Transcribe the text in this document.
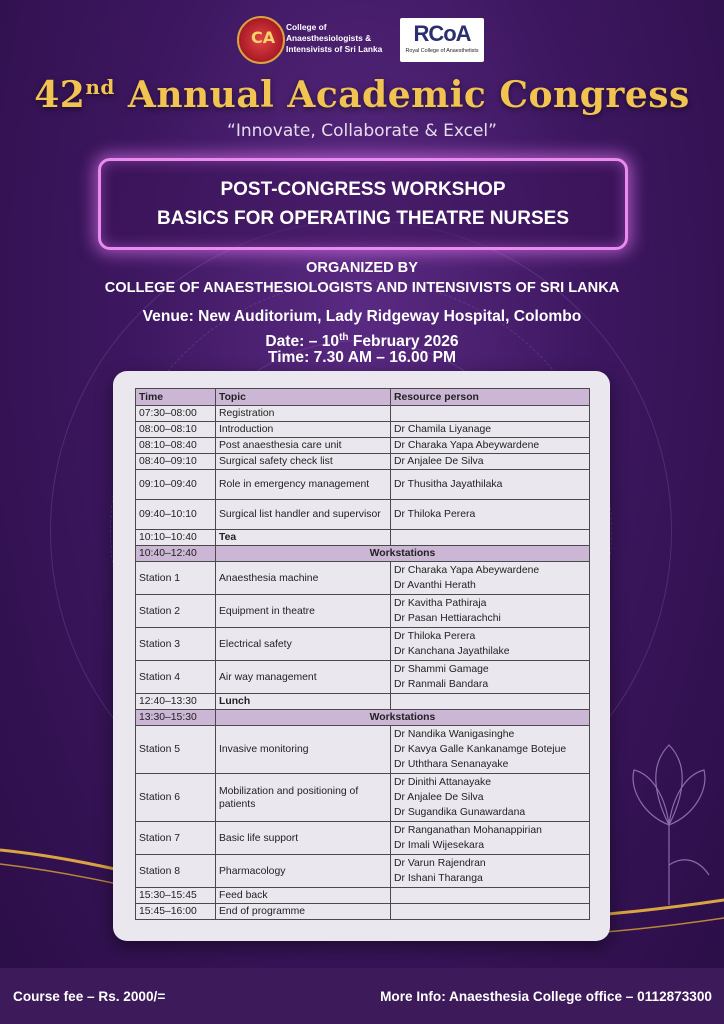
CA
College of
Anaesthesiologists &
Intensivists of Sri Lanka
RCoA
Royal College of Anaesthetists
42nd Annual Academic Congress
“Innovate, Collaborate & Excel”
POST-CONGRESS WORKSHOP
BASICS FOR OPERATING THEATRE NURSES
ORGANIZED BY
COLLEGE OF ANAESTHESIOLOGISTS AND INTENSIVISTS OF SRI LANKA
Venue: New Auditorium, Lady Ridgeway Hospital, Colombo
Date: – 10th February 2026
Time: 7.30 AM – 16.00 PM
Time	Topic	Resource person
07:30–08:00	Registration	
08:00–08:10	Introduction	Dr Chamila Liyanage
08:10–08:40	Post anaesthesia care unit	Dr Charaka Yapa Abeywardene
08:40–09:10	Surgical safety check list	Dr Anjalee De Silva
09:10–09:40	Role in emergency management	Dr Thusitha Jayathilaka
09:40–10:10	Surgical list handler and supervisor	Dr Thiloka Perera
10:10–10:40	Tea	
10:40–12:40	Workstations	
Station 1	Anaesthesia machine	Dr Charaka Yapa Abeywardene
Dr Avanthi Herath

Station 2	Equipment in theatre	Dr Kavitha Pathiraja
Dr Pasan Hettiarachchi

Station 3	Electrical safety	Dr Thiloka Perera
Dr Kanchana Jayathilake

Station 4	Air way management	Dr Shammi Gamage
Dr Ranmali Bandara

12:40–13:30	Lunch	
13:30–15:30	Workstations	
Station 5	Invasive monitoring	Dr Nandika Wanigasinghe
Dr Kavya Galle Kankanamge Botejue
Dr Uththara Senanayake

Station 6	Mobilization and positioning of patients	Dr Dinithi Attanayake
Dr Anjalee De Silva
Dr Sugandika Gunawardana

Station 7	Basic life support	Dr Ranganathan Mohanappirian
Dr Imali Wijesekara

Station 8	Pharmacology	Dr Varun Rajendran
Dr Ishani Tharanga

15:30–15:45	Feed back	
15:45–16:00	End of programme	
Course fee – Rs. 2000/=	More Info: Anaesthesia College office – 0112873300
